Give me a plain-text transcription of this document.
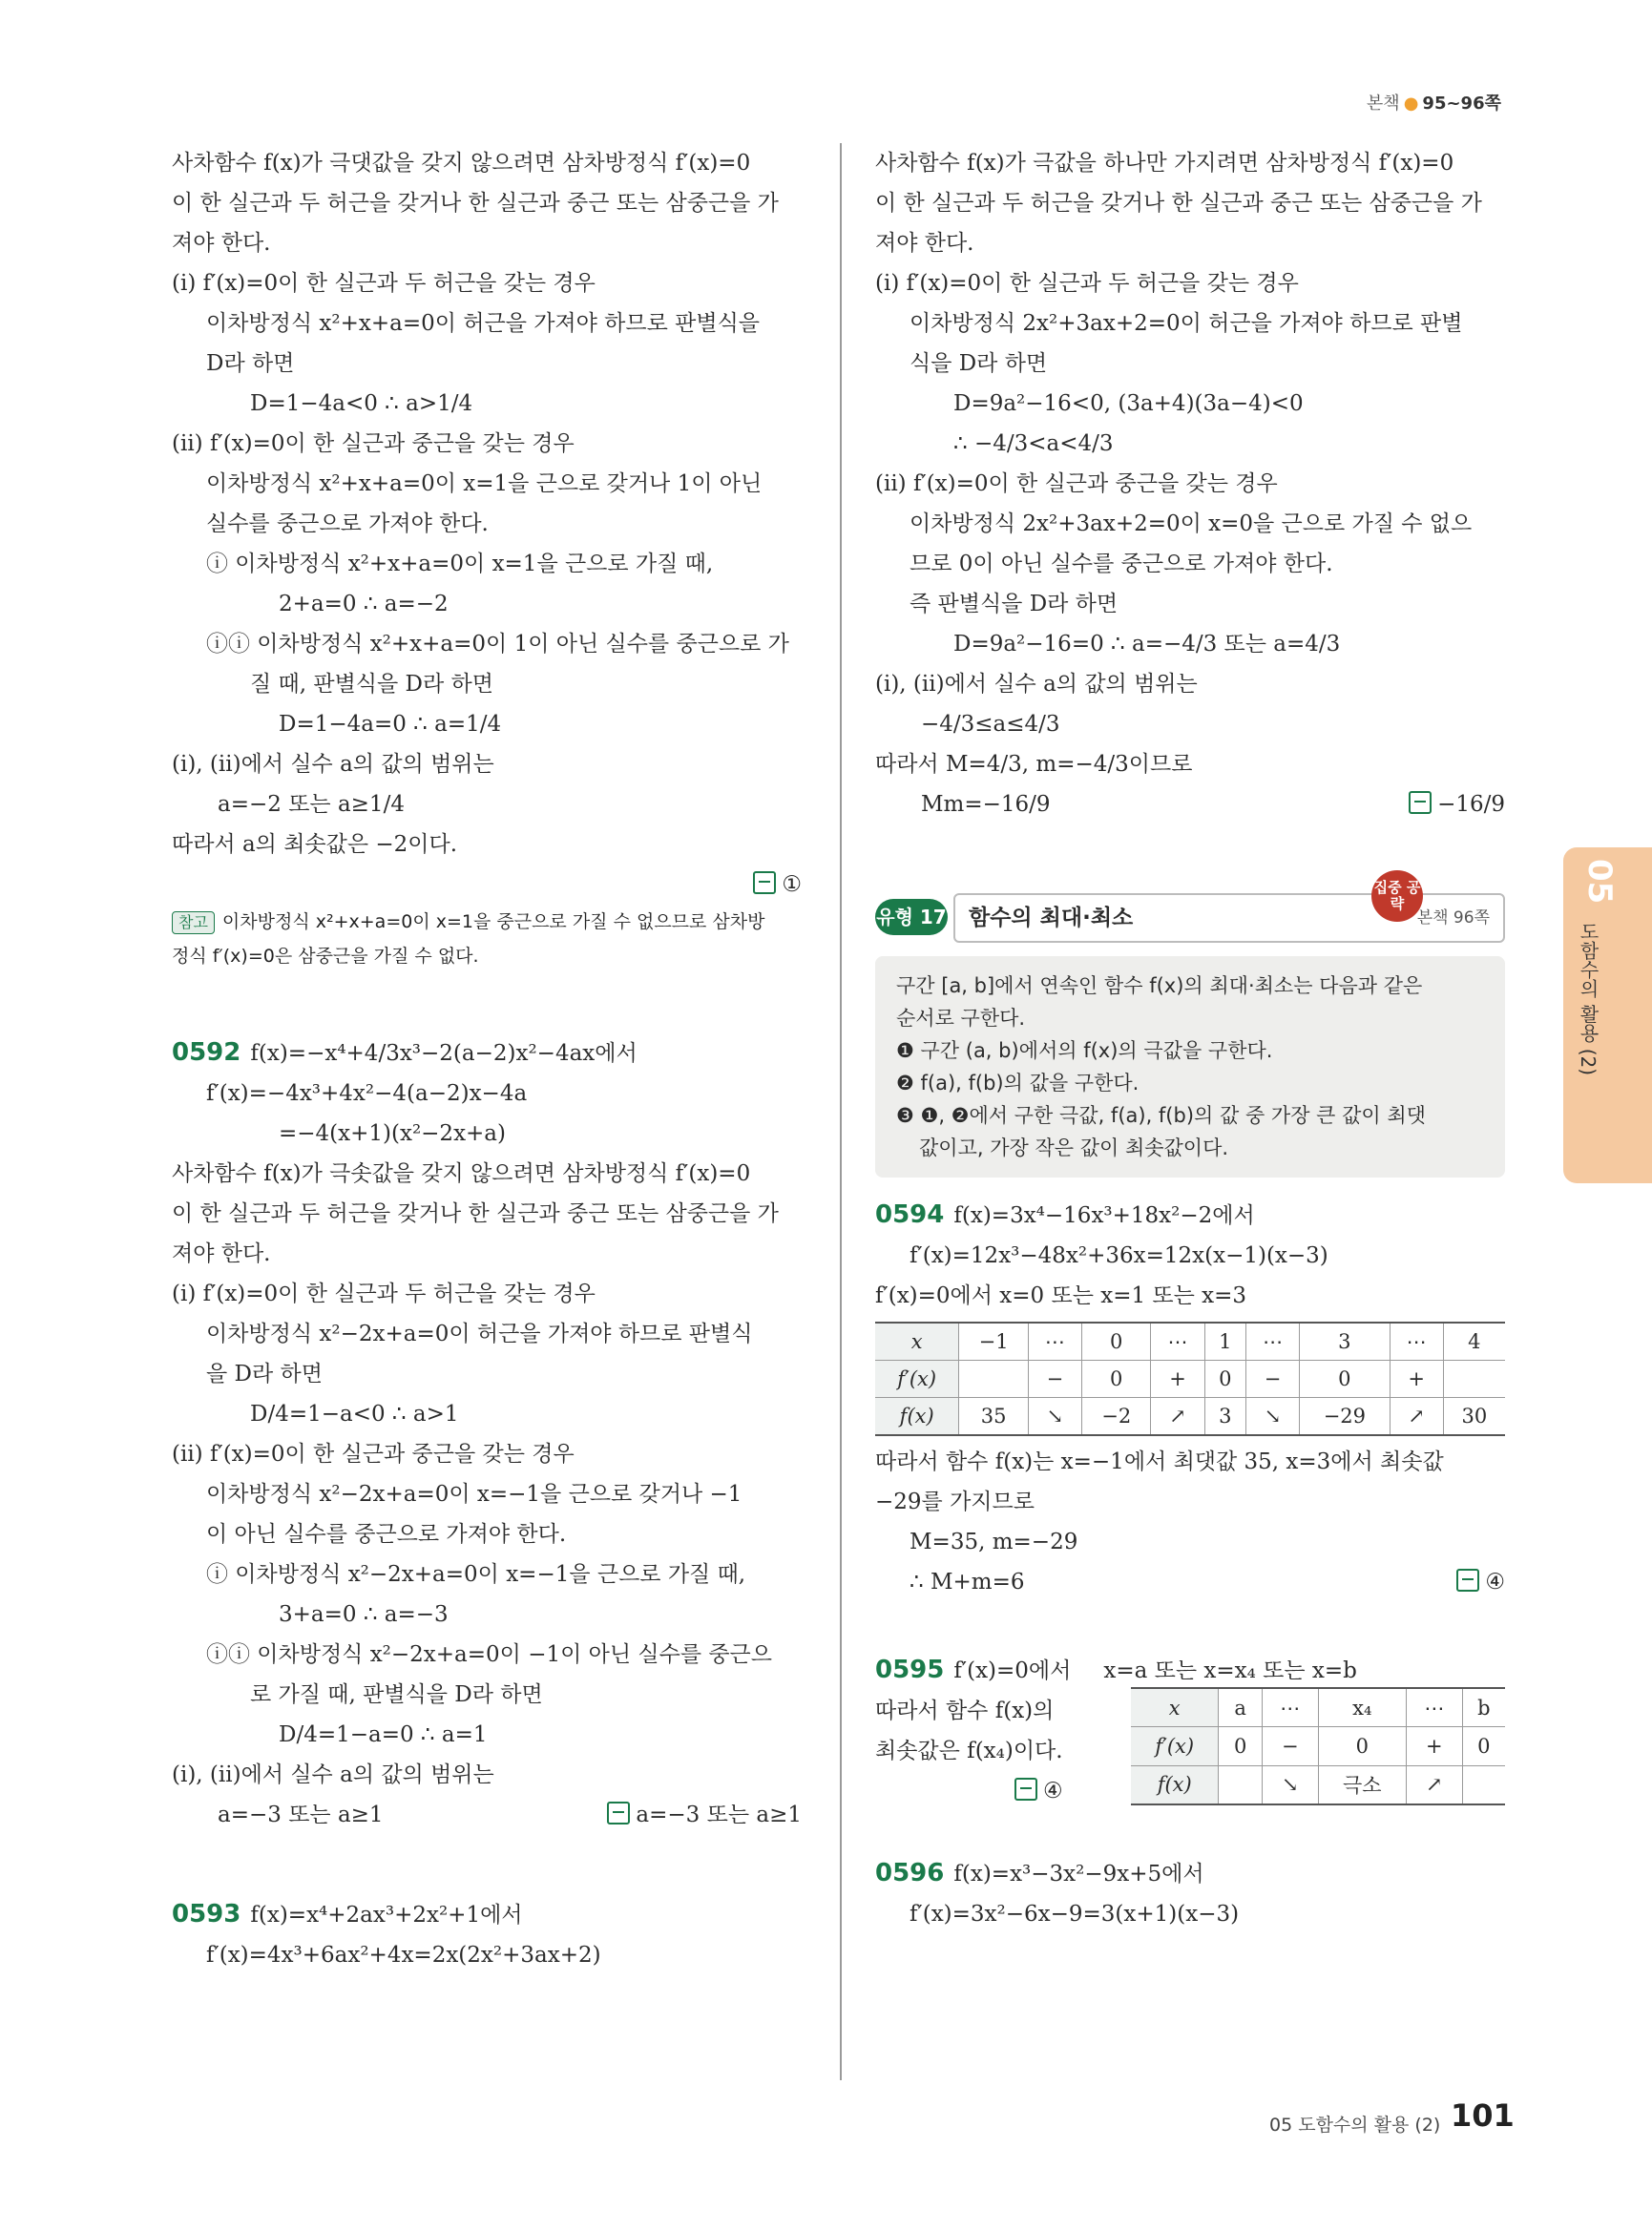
본책 ● 95~96쪽
사차함수 f(x)가 극댓값을 갖지 않으려면 삼차방정식 f′(x)=0
이 한 실근과 두 허근을 갖거나 한 실근과 중근 또는 삼중근을 가
져야 한다.
(i) f′(x)=0이 한 실근과 두 허근을 갖는 경우
이차방정식 x²+x+a=0이 허근을 가져야 하므로 판별식을
D라 하면
D=1−4a<0 ∴ a>1/4
(ii) f′(x)=0이 한 실근과 중근을 갖는 경우
이차방정식 x²+x+a=0이 x=1을 근으로 갖거나 1이 아닌
실수를 중근으로 가져야 한다.
ⓘ 이차방정식 x²+x+a=0이 x=1을 근으로 가질 때,
2+a=0 ∴ a=−2
ⓘⓘ 이차방정식 x²+x+a=0이 1이 아닌 실수를 중근으로 가
질 때, 판별식을 D라 하면
D=1−4a=0 ∴ a=1/4
(i), (ii)에서 실수 a의 값의 범위는
a=−2 또는 a≥1/4
따라서 a의 최솟값은 −2이다.
①
참고 이차방정식 x²+x+a=0이 x=1을 중근으로 가질 수 없으므로 삼차방
정식 f′(x)=0은 삼중근을 가질 수 없다.
0592 f(x)=−x⁴+4/3x³−2(a−2)x²−4ax에서
f′(x)=−4x³+4x²−4(a−2)x−4a
=−4(x+1)(x²−2x+a)
사차함수 f(x)가 극솟값을 갖지 않으려면 삼차방정식 f′(x)=0
이 한 실근과 두 허근을 갖거나 한 실근과 중근 또는 삼중근을 가
져야 한다.
(i) f′(x)=0이 한 실근과 두 허근을 갖는 경우
이차방정식 x²−2x+a=0이 허근을 가져야 하므로 판별식
을 D라 하면
D/4=1−a<0 ∴ a>1
(ii) f′(x)=0이 한 실근과 중근을 갖는 경우
이차방정식 x²−2x+a=0이 x=−1을 근으로 갖거나 −1
이 아닌 실수를 중근으로 가져야 한다.
ⓘ 이차방정식 x²−2x+a=0이 x=−1을 근으로 가질 때,
3+a=0 ∴ a=−3
ⓘⓘ 이차방정식 x²−2x+a=0이 −1이 아닌 실수를 중근으
로 가질 때, 판별식을 D라 하면
D/4=1−a=0 ∴ a=1
(i), (ii)에서 실수 a의 값의 범위는
a=−3 또는 a≥1	a=−3 또는 a≥1
0593 f(x)=x⁴+2ax³+2x²+1에서
f′(x)=4x³+6ax²+4x=2x(2x²+3ax+2)
사차함수 f(x)가 극값을 하나만 가지려면 삼차방정식 f′(x)=0
이 한 실근과 두 허근을 갖거나 한 실근과 중근 또는 삼중근을 가
져야 한다.
(i) f′(x)=0이 한 실근과 두 허근을 갖는 경우
이차방정식 2x²+3ax+2=0이 허근을 가져야 하므로 판별
식을 D라 하면
D=9a²−16<0, (3a+4)(3a−4)<0
∴ −4/3<a<4/3
(ii) f′(x)=0이 한 실근과 중근을 갖는 경우
이차방정식 2x²+3ax+2=0이 x=0을 근으로 가질 수 없으
므로 0이 아닌 실수를 중근으로 가져야 한다.
즉 판별식을 D라 하면
D=9a²−16=0 ∴ a=−4/3 또는 a=4/3
(i), (ii)에서 실수 a의 값의 범위는
−4/3≤a≤4/3
따라서 M=4/3, m=−4/3이므로
Mm=−16/9	−16/9
유형 17	함수의 최대·최소	본책 96쪽
집중 공략
구간 [a, b]에서 연속인 함수 f(x)의 최대·최소는 다음과 같은
순서로 구한다.
❶ 구간 (a, b)에서의 f(x)의 극값을 구한다.
❷ f(a), f(b)의 값을 구한다.
❸ ❶, ❷에서 구한 극값, f(a), f(b)의 값 중 가장 큰 값이 최댓
값이고, 가장 작은 값이 최솟값이다.
0594 f(x)=3x⁴−16x³+18x²−2에서
f′(x)=12x³−48x²+36x=12x(x−1)(x−3)
f′(x)=0에서 x=0 또는 x=1 또는 x=3
x	−1	⋯	0	⋯	1	⋯	3	⋯	4
f′(x)		−	0	+	0	−	0	+	
f(x)	35	↘	−2	↗	3	↘	−29	↗	30
따라서 함수 f(x)는 x=−1에서 최댓값 35, x=3에서 최솟값
−29를 가지므로
M=35, m=−29
∴ M+m=6	④
0595 f′(x)=0에서 x=a 또는 x=x₄ 또는 x=b
따라서 함수 f(x)의
최솟값은 f(x₄)이다.
④
x	a	⋯	x₄	⋯	b
f′(x)	0	−	0	+	0
f(x)		↘	극소	↗	
0596 f(x)=x³−3x²−9x+5에서
f′(x)=3x²−6x−9=3(x+1)(x−3)
05
도함수의 활용 (2)
05 도함수의 활용 (2) 101
